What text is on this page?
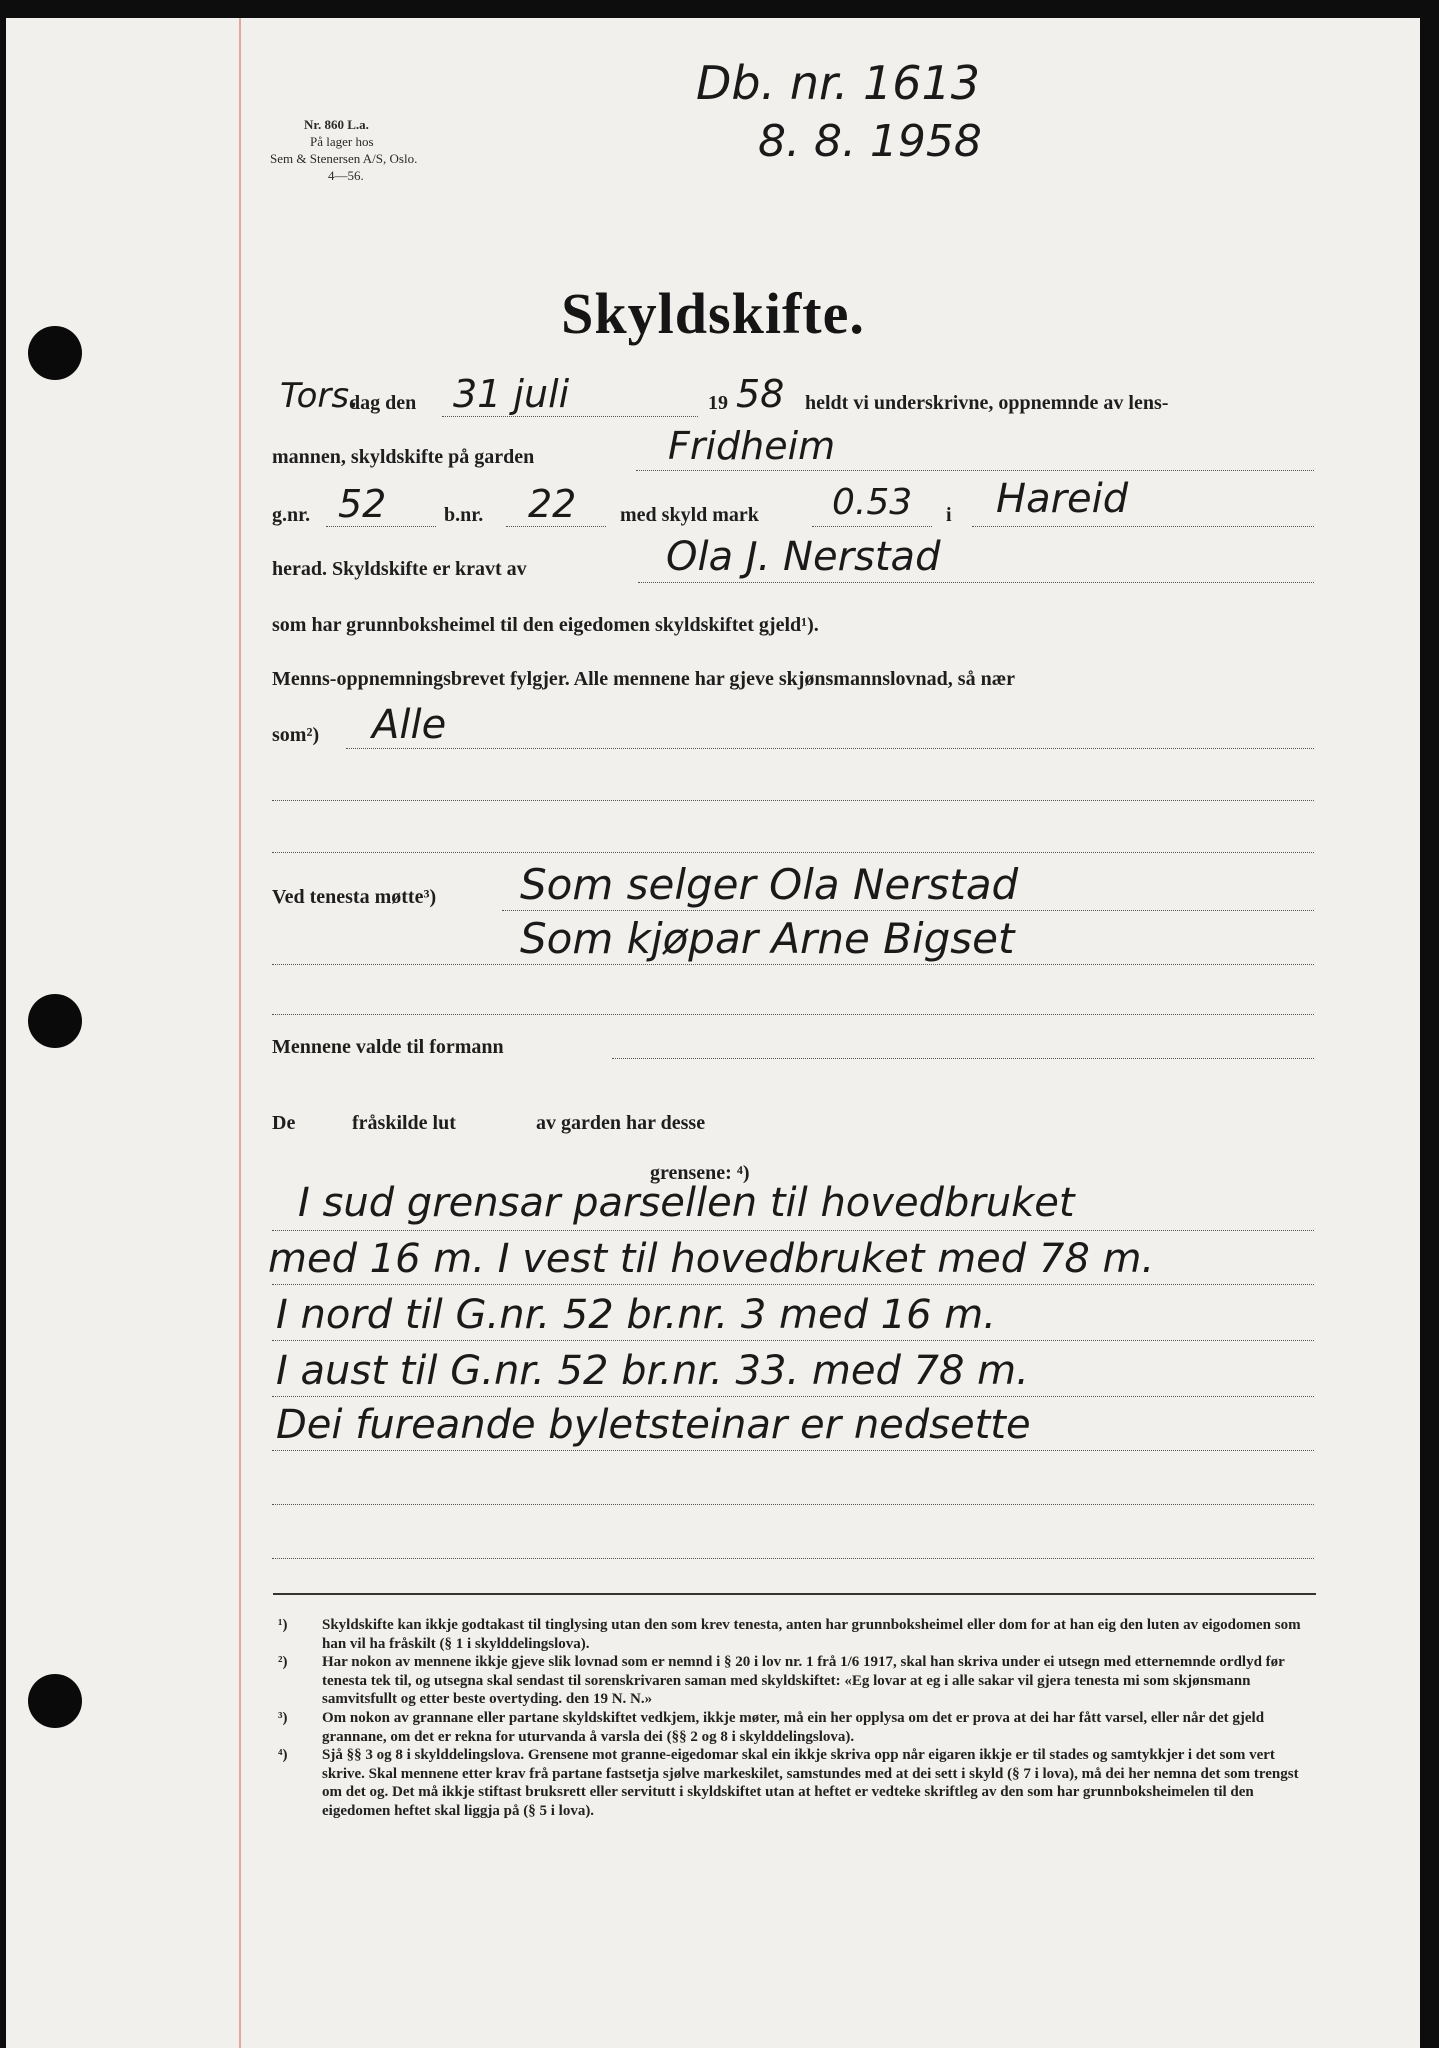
Db. nr. 1613
8. 8. 1958
Nr. 860 L.a.
På lager hos
Sem & Stenersen A/S, Oslo.
4—56.
Skyldskifte.
Tors.
dag den 31 juli	19 58 heldt vi underskrivne, oppnemnde av lens-
mannen, skyldskifte på garden	Fridheim
g.nr. 52	b.nr. 22 med skyld mark 0.53 i Hareid
herad. Skyldskifte er kravt av	Ola J. Nerstad
som har grunnboksheimel til den eigedomen skyldskiftet gjeld¹).
Menns-oppnemningsbrevet fylgjer. Alle mennene har gjeve skjønsmannslovnad, så nær
som²) Alle
Ved tenesta møtte³) Som selger Ola Nerstad
Som kjøpar Arne Bigset
Mennene valde til formann
De	fråskilde lut	av garden har desse
grensene: ⁴)
I sud grensar parsellen til hovedbruket
med 16 m. I vest til hovedbruket med 78 m.
I nord til G.nr. 52 br.nr. 3 med 16 m.
I aust til G.nr. 52 br.nr. 33. med 78 m.
Dei fureande byletsteinar er nedsette
¹) Skyldskifte kan ikkje godtakast til tinglysing utan den som krev tenesta, anten har grunnboksheimel eller dom for at han eig den luten av eigodomen som han vil ha fråskilt (§ 1 i skylddelingslova).
²) Har nokon av mennene ikkje gjeve slik lovnad som er nemnd i § 20 i lov nr. 1 frå 1/6 1917, skal han skriva under ei utsegn med etternemnde ordlyd før tenesta tek til, og utsegna skal sendast til sorenskrivaren saman med skyldskiftet: «Eg lovar at eg i alle sakar vil gjera tenesta mi som skjønsmann samvitsfullt og etter beste overtyding. den 19 N. N.»
³) Om nokon av grannane eller partane skyldskiftet vedkjem, ikkje møter, må ein her opplysa om det er prova at dei har fått varsel, eller når det gjeld grannane, om det er rekna for uturvanda å varsla dei (§§ 2 og 8 i skylddelingslova).
⁴) Sjå §§ 3 og 8 i skylddelingslova. Grensene mot granne-eigedomar skal ein ikkje skriva opp når eigaren ikkje er til stades og samtykkjer i det som vert skrive. Skal mennene etter krav frå partane fastsetja sjølve markeskilet, samstundes med at dei sett i skyld (§ 7 i lova), må dei her nemna det som trengst om det og. Det må ikkje stiftast bruksrett eller servitutt i skyldskiftet utan at heftet er vedteke skriftleg av den som har grunnboksheimelen til den eigedomen heftet skal liggja på (§ 5 i lova).
